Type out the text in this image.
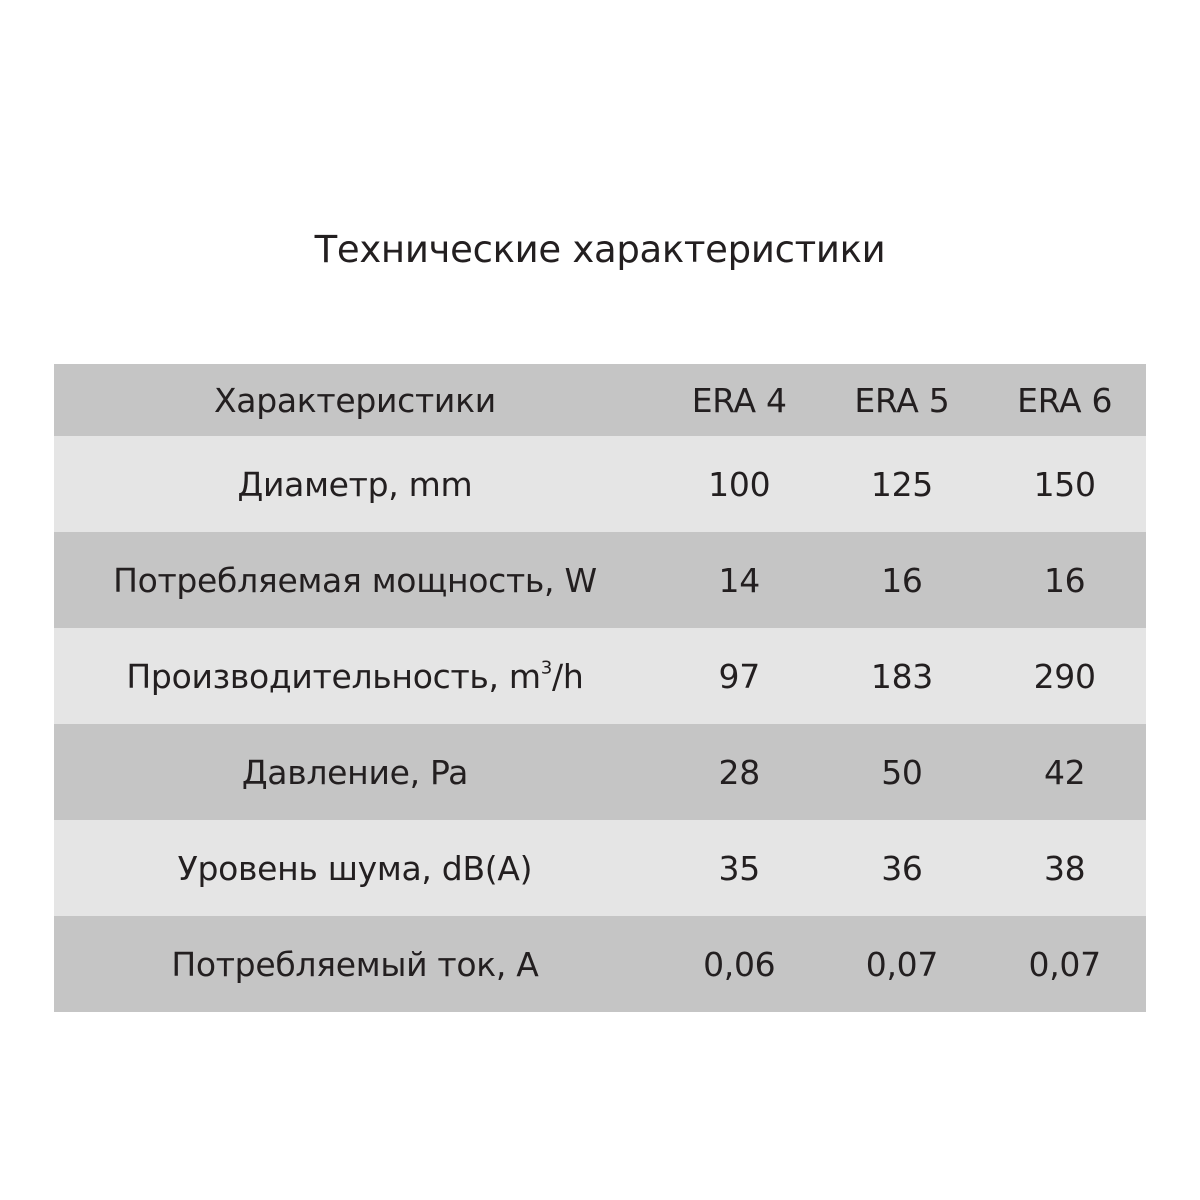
Технические характеристики
Характеристики	ERA 4	ERA 5	ERA 6
Диаметр, mm	100	125	150
Потребляемая мощность, W	14	16	16
Производительность, $m^3/h$	97	183	290
Давление, Pa	28	50	42
Уровень шума, dB(A)	35	36	38
Потребляемый ток, A	0,06	0,07	0,07
